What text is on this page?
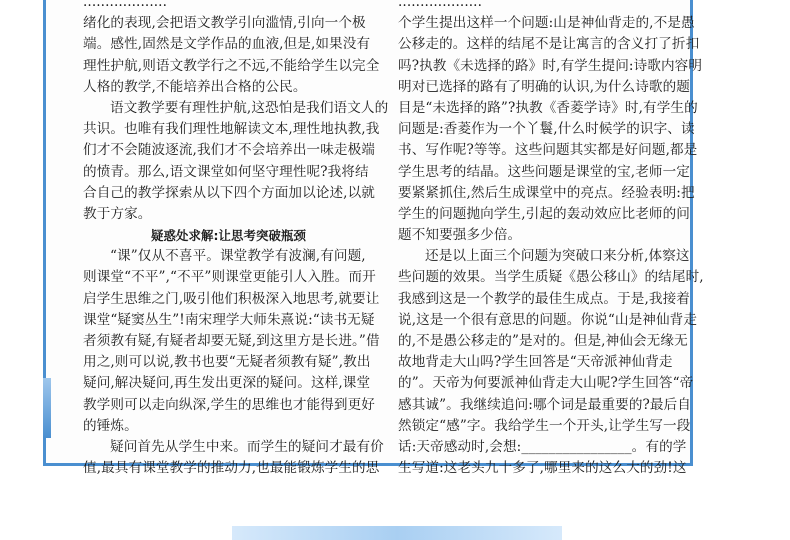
...................
绪化的表现,会把语文教学引向滥情,引向一个极
端。感性,固然是文学作品的血液,但是,如果没有
理性护航,则语文教学行之不远,不能给学生以完全
人格的教学,不能培养出合格的公民。
语文教学要有理性护航,这恐怕是我们语文人的
共识。也唯有我们理性地解读文本,理性地执教,我
们才不会随波逐流,我们才不会培养出一味走极端
的愤青。那么,语文课堂如何坚守理性呢?我将结
合自己的教学探索从以下四个方面加以论述,以就
教于方家。
疑惑处求解:让思考突破瓶颈
“课”仅从不喜平。课堂教学有波澜,有问题,
则课堂“不平”,“不平”则课堂更能引人入胜。而开
启学生思维之门,吸引他们积极深入地思考,就要让
课堂“疑窦丛生”!南宋理学大师朱熹说:“读书无疑
者须教有疑,有疑者却要无疑,到这里方是长进。”借
用之,则可以说,教书也要“无疑者须教有疑”,教出
疑问,解决疑问,再生发出更深的疑问。这样,课堂
教学则可以走向纵深,学生的思维也才能得到更好
的锤炼。
疑问首先从学生中来。而学生的疑问才最有价
值,最具有课堂教学的推动力,也最能锻炼学生的思
...................
个学生提出这样一个问题:山是神仙背走的,不是愚
公移走的。这样的结尾不是让寓言的含义打了折扣
吗?执教《未选择的路》时,有学生提问:诗歌内容明
明对已选择的路有了明确的认识,为什么诗歌的题
目是“未选择的路”?执教《香菱学诗》时,有学生的
问题是:香菱作为一个丫鬟,什么时候学的识字、读
书、写作呢?等等。这些问题其实都是好问题,都是
学生思考的结晶。这些问题是课堂的宝,老师一定
要紧紧抓住,然后生成课堂中的亮点。经验表明:把
学生的问题抛向学生,引起的轰动效应比老师的问
题不知要强多少倍。
还是以上面三个问题为突破口来分析,体察这
些问题的效果。当学生质疑《愚公移山》的结尾时,
我感到这是一个教学的最佳生成点。于是,我接着
说,这是一个很有意思的问题。你说“山是神仙背走
的,不是愚公移走的”是对的。但是,神仙会无缘无
故地背走大山吗?学生回答是“天帝派神仙背走
的”。天帝为何要派神仙背走大山呢?学生回答“帝
感其诚”。我继续追问:哪个词是最重要的?最后自
然锁定“感”字。我给学生一个开头,让学生写一段
话:天帝感动时,会想:________________。有的学
生写道:这老头九十多了,哪里来的这么大的劲!这
